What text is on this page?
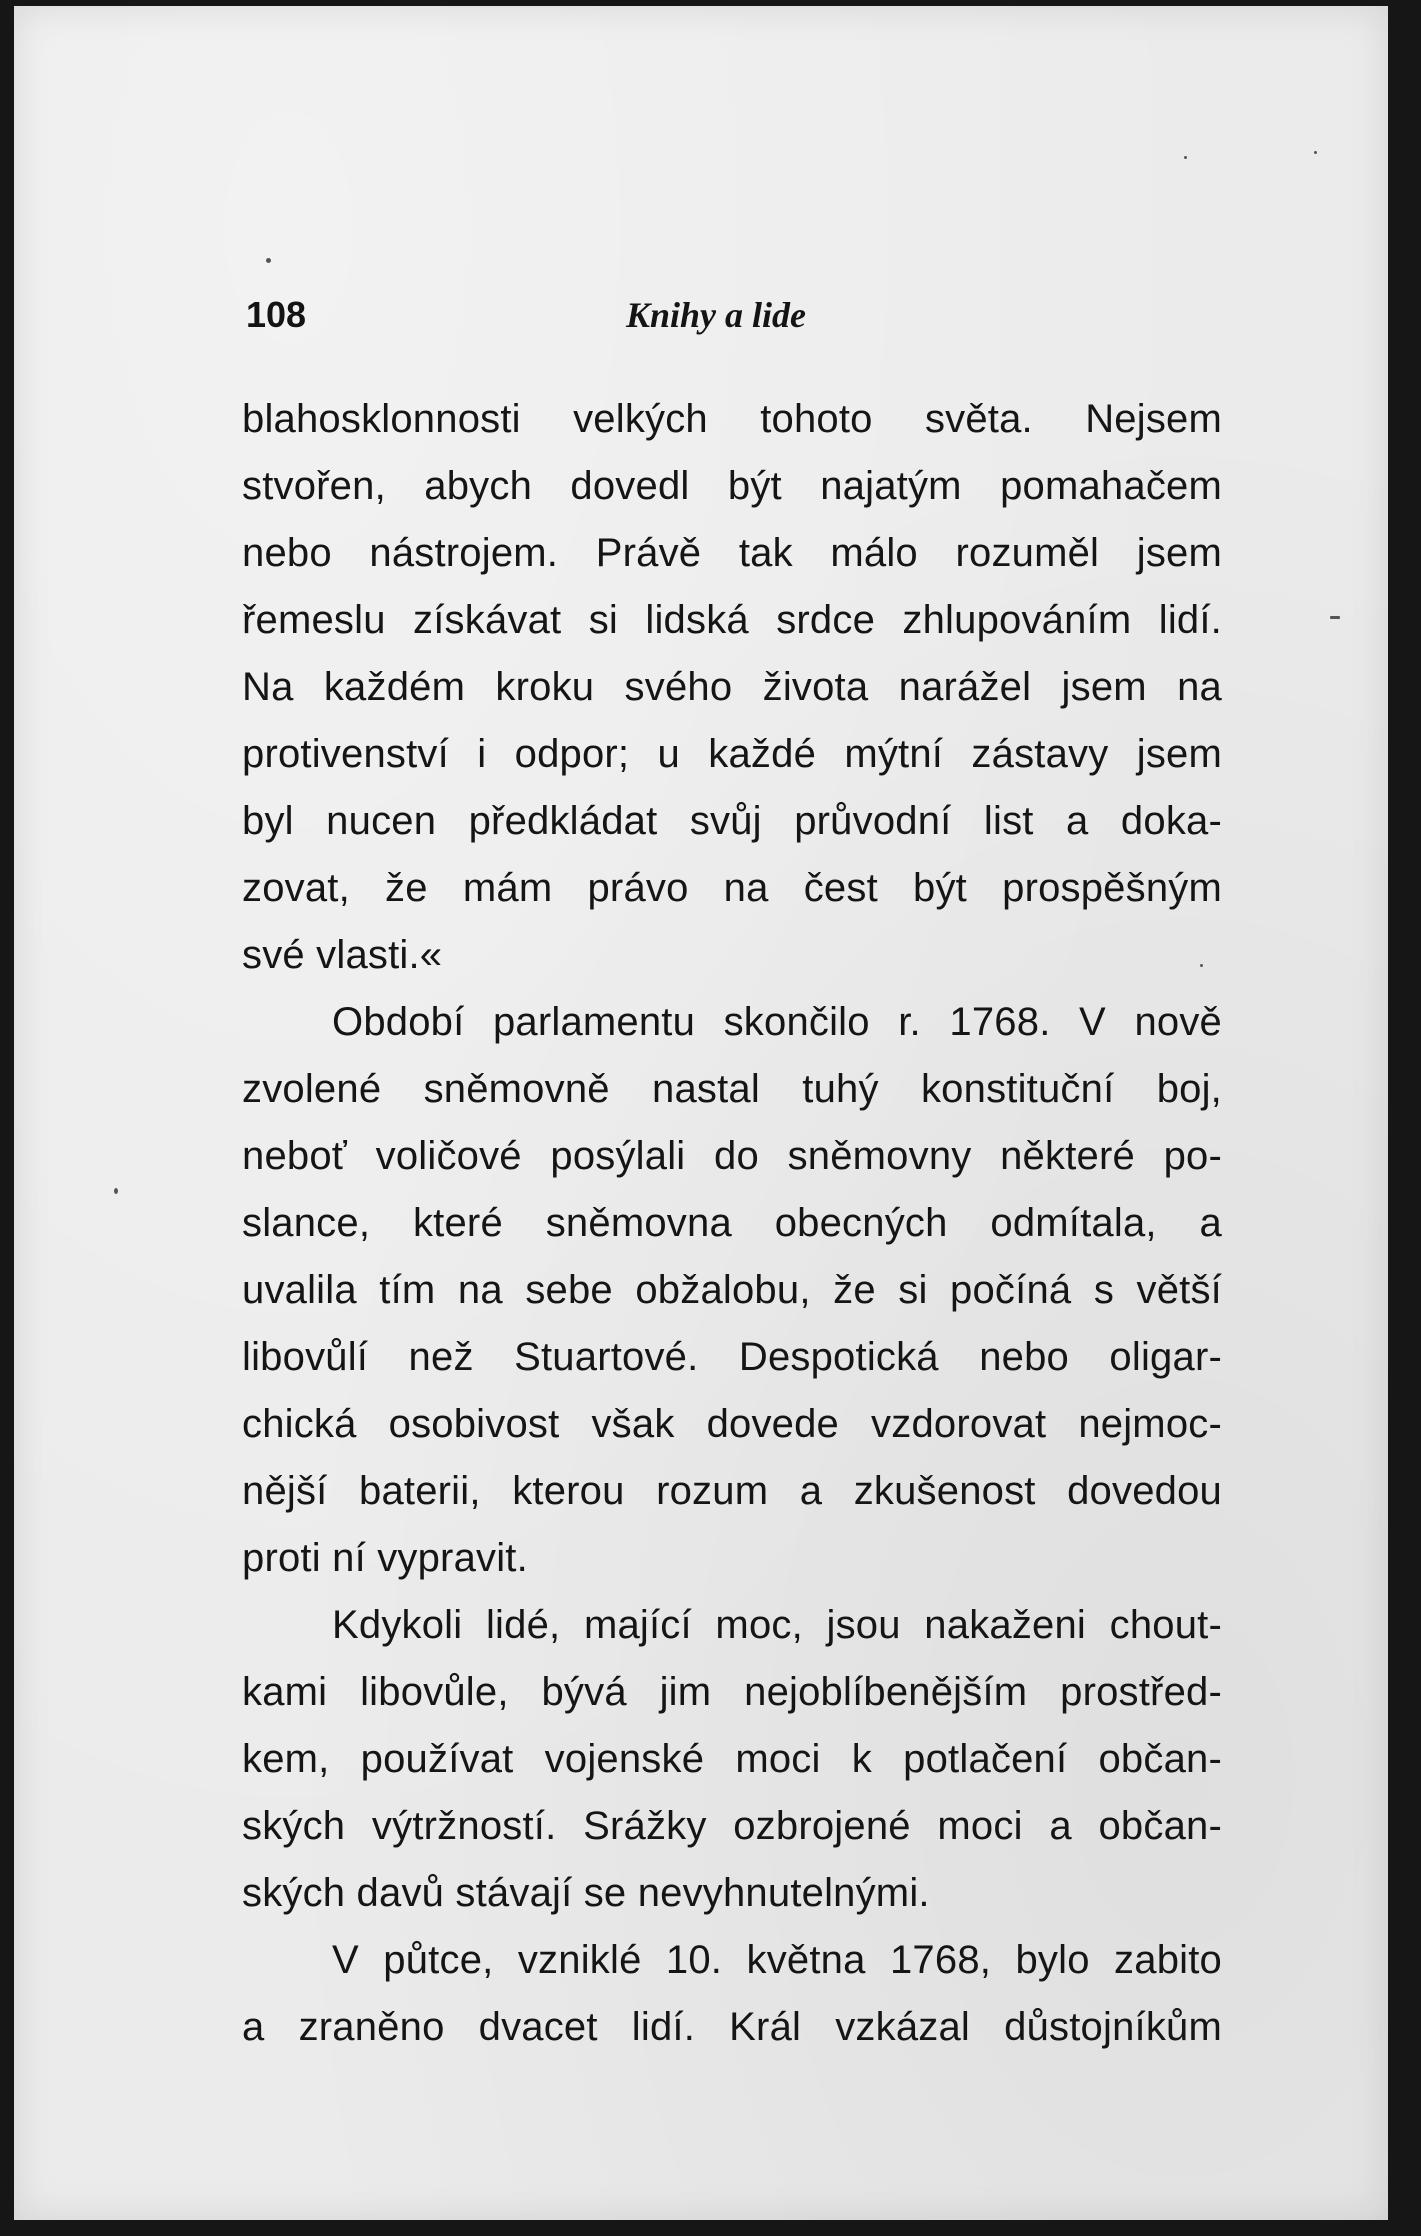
108	Knihy a lide

blahosklonnosti velkých tohoto světa. Nejsem
stvořen, abych dovedl být najatým pomahačem
nebo nástrojem. Právě tak málo rozuměl jsem
řemeslu získávat si lidská srdce zhlupováním lidí.
Na každém kroku svého života narážel jsem na
protivenství i odpor; u každé mýtní zástavy jsem
byl nucen předkládat svůj průvodní list a doka-
zovat, že mám právo na čest být prospěšným
své vlasti.«

Období parlamentu skončilo r. 1768. V nově
zvolené sněmovně nastal tuhý konstituční boj,
neboť voličové posýlali do sněmovny některé po-
slance, které sněmovna obecných odmítala, a
uvalila tím na sebe obžalobu, že si počíná s větší
libovůlí než Stuartové. Despotická nebo oligar-
chická osobivost však dovede vzdorovat nejmoc-
nější baterii, kterou rozum a zkušenost dovedou
proti ní vypravit.

Kdykoli lidé, mající moc, jsou nakaženi chout-
kami libovůle, bývá jim nejoblíbenějším prostřed-
kem, používat vojenské moci k potlačení občan-
ských výtržností. Srážky ozbrojené moci a občan-
ských davů stávají se nevyhnutelnými.

V půtce, vzniklé 10. května 1768, bylo zabito
a zraněno dvacet lidí. Král vzkázal důstojníkům
